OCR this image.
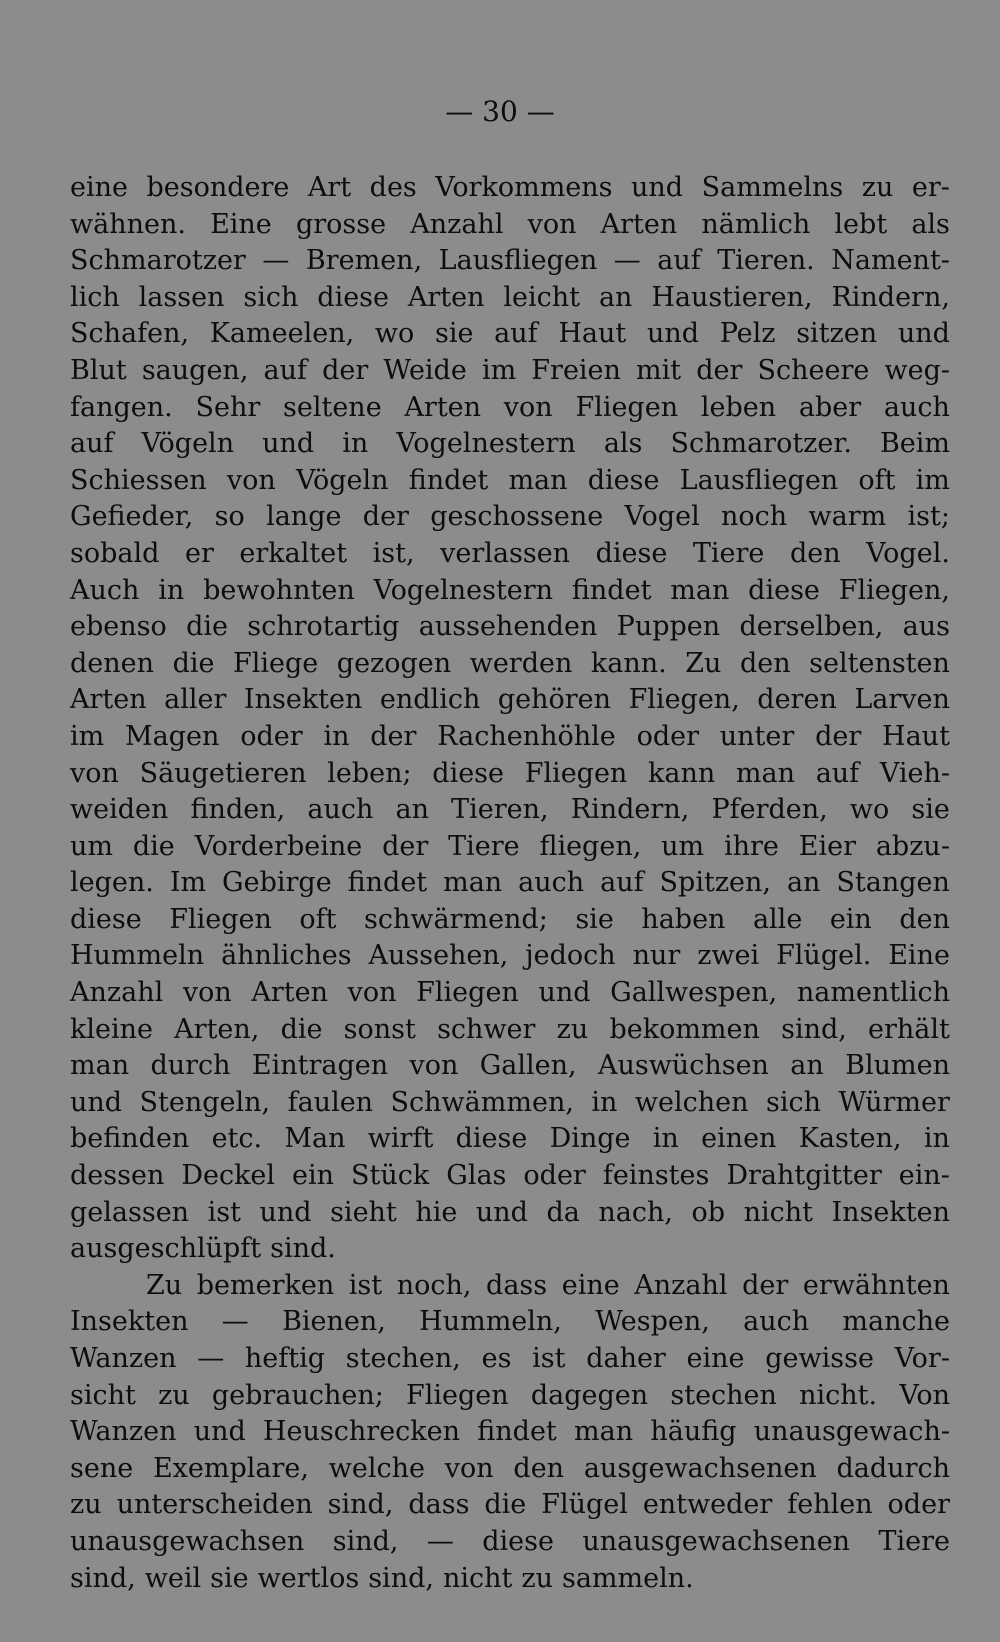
— 30 —
eine besondere Art des Vorkommens und Sammelns zu er-
wähnen. Eine grosse Anzahl von Arten nämlich lebt als
Schmarotzer — Bremen, Lausfliegen — auf Tieren. Nament-
lich lassen sich diese Arten leicht an Haustieren, Rindern,
Schafen, Kameelen, wo sie auf Haut und Pelz sitzen und
Blut saugen, auf der Weide im Freien mit der Scheere weg-
fangen. Sehr seltene Arten von Fliegen leben aber auch
auf Vögeln und in Vogelnestern als Schmarotzer. Beim
Schiessen von Vögeln findet man diese Lausfliegen oft im
Gefieder, so lange der geschossene Vogel noch warm ist;
sobald er erkaltet ist, verlassen diese Tiere den Vogel.
Auch in bewohnten Vogelnestern findet man diese Fliegen,
ebenso die schrotartig aussehenden Puppen derselben, aus
denen die Fliege gezogen werden kann. Zu den seltensten
Arten aller Insekten endlich gehören Fliegen, deren Larven
im Magen oder in der Rachenhöhle oder unter der Haut
von Säugetieren leben; diese Fliegen kann man auf Vieh-
weiden finden, auch an Tieren, Rindern, Pferden, wo sie
um die Vorderbeine der Tiere fliegen, um ihre Eier abzu-
legen. Im Gebirge findet man auch auf Spitzen, an Stangen
diese Fliegen oft schwärmend; sie haben alle ein den
Hummeln ähnliches Aussehen, jedoch nur zwei Flügel. Eine
Anzahl von Arten von Fliegen und Gallwespen, namentlich
kleine Arten, die sonst schwer zu bekommen sind, erhält
man durch Eintragen von Gallen, Auswüchsen an Blumen
und Stengeln, faulen Schwämmen, in welchen sich Würmer
befinden etc. Man wirft diese Dinge in einen Kasten, in
dessen Deckel ein Stück Glas oder feinstes Drahtgitter ein-
gelassen ist und sieht hie und da nach, ob nicht Insekten
ausgeschlüpft sind.
Zu bemerken ist noch, dass eine Anzahl der erwähnten
Insekten — Bienen, Hummeln, Wespen, auch manche
Wanzen — heftig stechen, es ist daher eine gewisse Vor-
sicht zu gebrauchen; Fliegen dagegen stechen nicht. Von
Wanzen und Heuschrecken findet man häufig unausgewach-
sene Exemplare, welche von den ausgewachsenen dadurch
zu unterscheiden sind, dass die Flügel entweder fehlen oder
unausgewachsen sind, — diese unausgewachsenen Tiere
sind, weil sie wertlos sind, nicht zu sammeln.
